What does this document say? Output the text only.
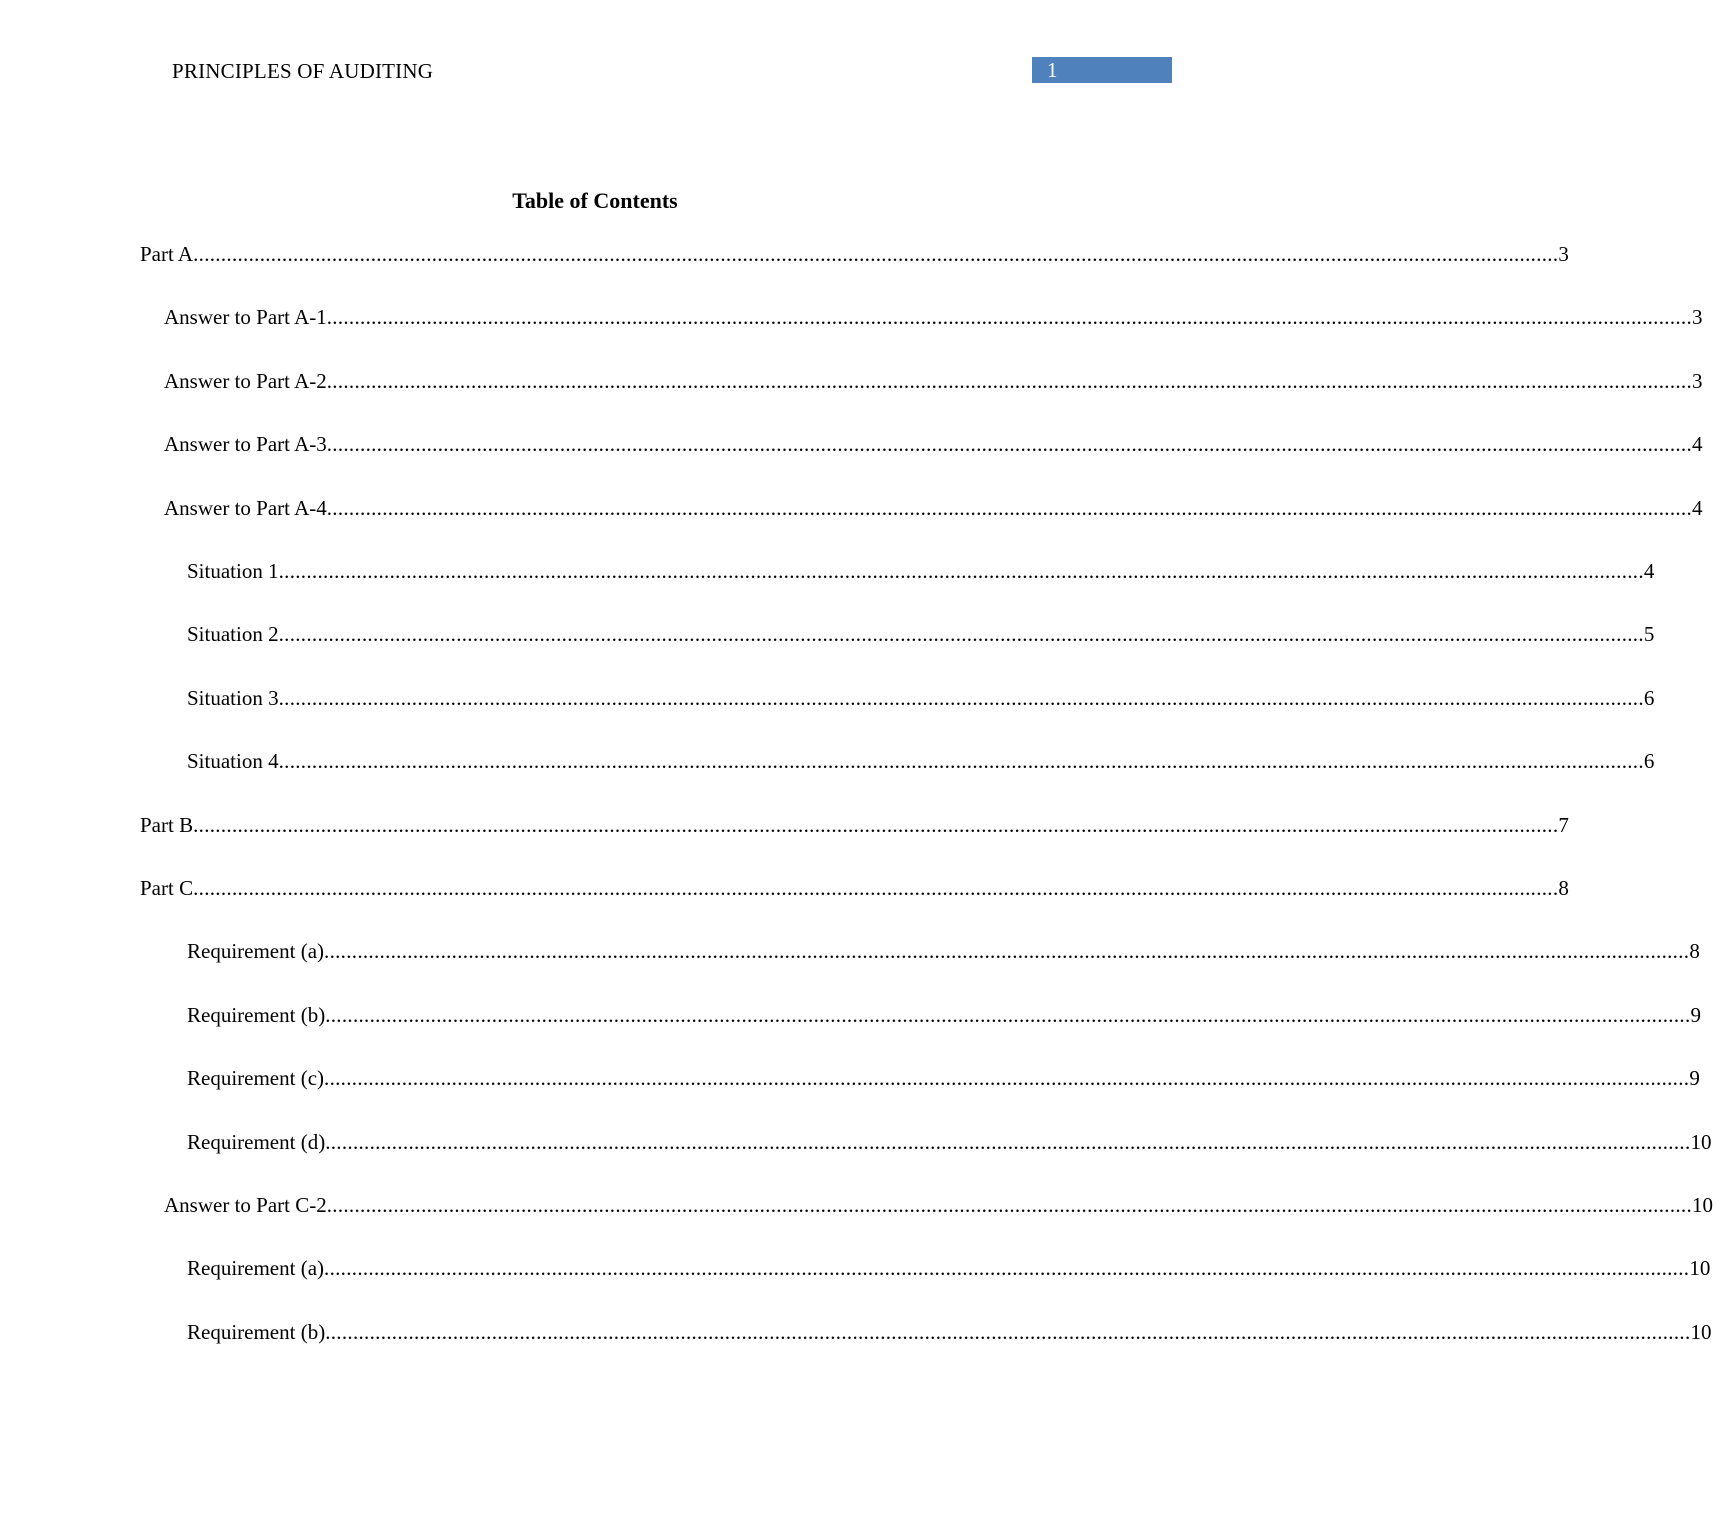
PRINCIPLES OF AUDITING	1
Table of Contents
Part A ...................................................................................................................................................................................................................................................... 3
Answer to Part A-1 ...................................................................................................................................................................................................................................................... 3
Answer to Part A-2 ...................................................................................................................................................................................................................................................... 3
Answer to Part A-3 ...................................................................................................................................................................................................................................................... 4
Answer to Part A-4 ...................................................................................................................................................................................................................................................... 4
Situation 1 ...................................................................................................................................................................................................................................................... 4
Situation 2 ...................................................................................................................................................................................................................................................... 5
Situation 3 ...................................................................................................................................................................................................................................................... 6
Situation 4 ...................................................................................................................................................................................................................................................... 6
Part B ...................................................................................................................................................................................................................................................... 7
Part C ...................................................................................................................................................................................................................................................... 8
Requirement (a) ...................................................................................................................................................................................................................................................... 8
Requirement (b) ...................................................................................................................................................................................................................................................... 9
Requirement (c) ...................................................................................................................................................................................................................................................... 9
Requirement (d) ...................................................................................................................................................................................................................................................... 10
Answer to Part C-2 ...................................................................................................................................................................................................................................................... 10
Requirement (a) ...................................................................................................................................................................................................................................................... 10
Requirement (b) ...................................................................................................................................................................................................................................................... 10
